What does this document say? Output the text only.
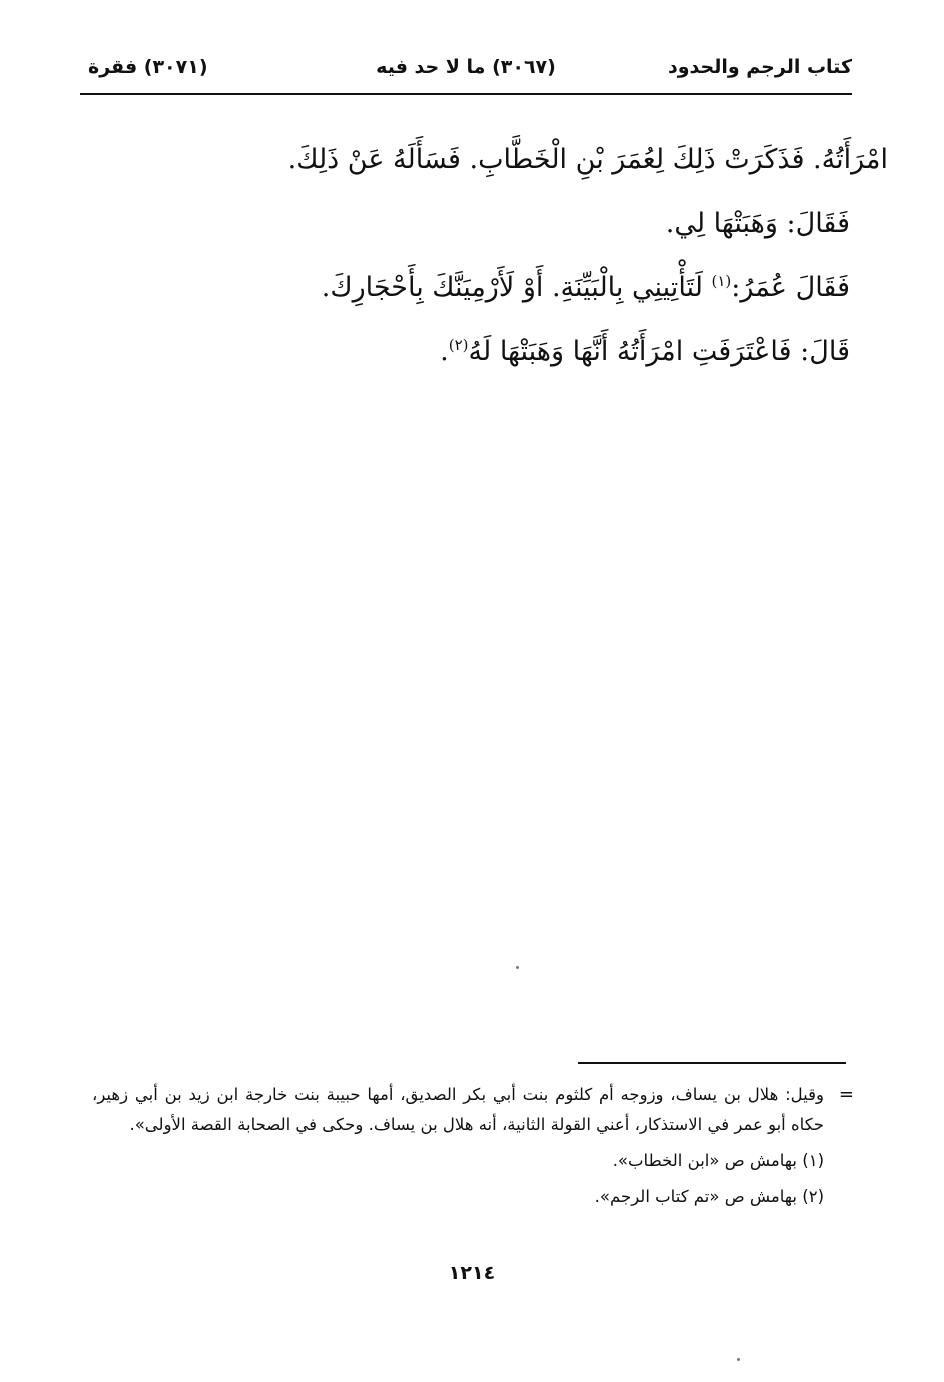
كتاب الرجم والحدود
(٣٠٦٧) ما لا حد فيه
(٣٠٧١) فقرة
امْرَأَتُهُ. فَذَكَرَتْ ذَلِكَ لِعُمَرَ بْنِ الْخَطَّابِ. فَسَأَلَهُ عَنْ ذَلِكَ.
فَقَالَ: وَهَبَتْهَا لِي.
فَقَالَ عُمَرُ:$^{(١)}$ لَتَأْتِينِي بِالْبَيِّنَةِ. أَوْ لَأَرْمِيَنَّكَ بِأَحْجَارِكَ.
قَالَ: فَاعْتَرَفَتِ امْرَأَتُهُ أَنَّهَا وَهَبَتْهَا لَهُ$^{(٢)}$.
=

وقيل: هلال بن يساف، وزوجه أم كلثوم بنت أبي بكر الصديق، أمها حبيبة بنت خارجة ابن زيد بن أبي زهير، حكاه أبو عمر في الاستذكار، أعني القولة الثانية، أنه هلال بن يساف. وحكى في الصحابة القصة الأولى».

(١) بهامش ص «ابن الخطاب».

(٢) بهامش ص «تم كتاب الرجم».

١٢١٤
